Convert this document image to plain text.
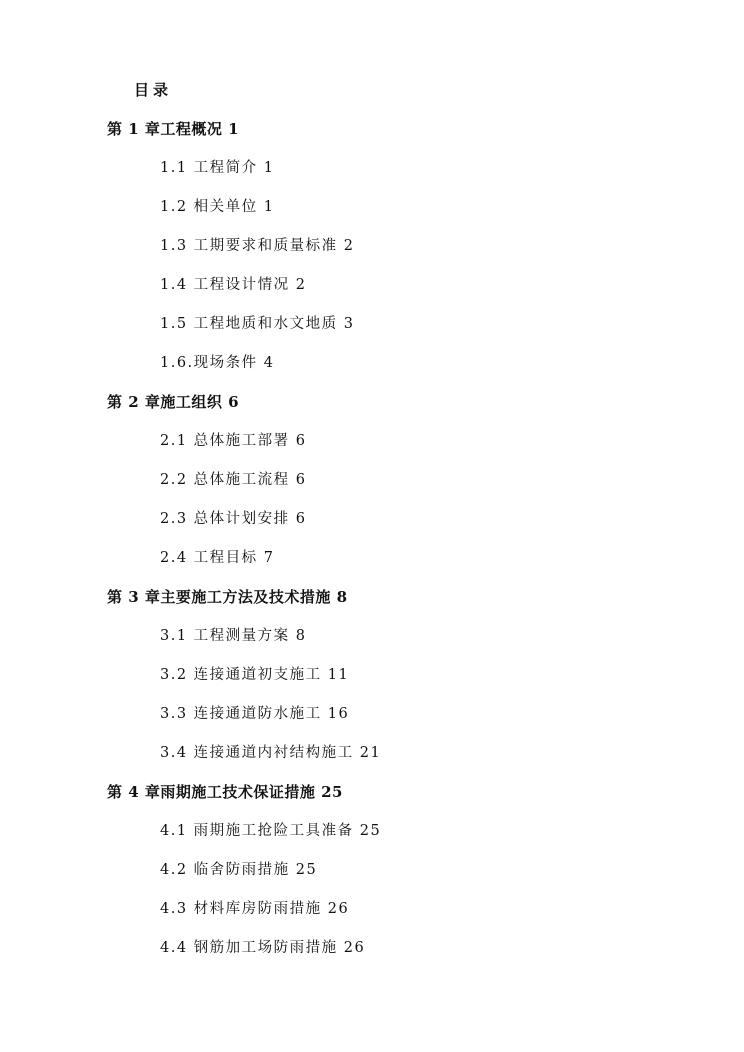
目录
第 1 章工程概况 1
1.1 工程简介 1
1.2 相关单位 1
1.3 工期要求和质量标准 2
1.4 工程设计情况 2
1.5 工程地质和水文地质 3
1.6.现场条件 4
第 2 章施工组织 6
2.1 总体施工部署 6
2.2 总体施工流程 6
2.3 总体计划安排 6
2.4 工程目标 7
第 3 章主要施工方法及技术措施 8
3.1 工程测量方案 8
3.2 连接通道初支施工 11
3.3 连接通道防水施工 16
3.4 连接通道内衬结构施工 21
第 4 章雨期施工技术保证措施 25
4.1 雨期施工抢险工具准备 25
4.2 临舍防雨措施 25
4.3 材料库房防雨措施 26
4.4 钢筋加工场防雨措施 26
